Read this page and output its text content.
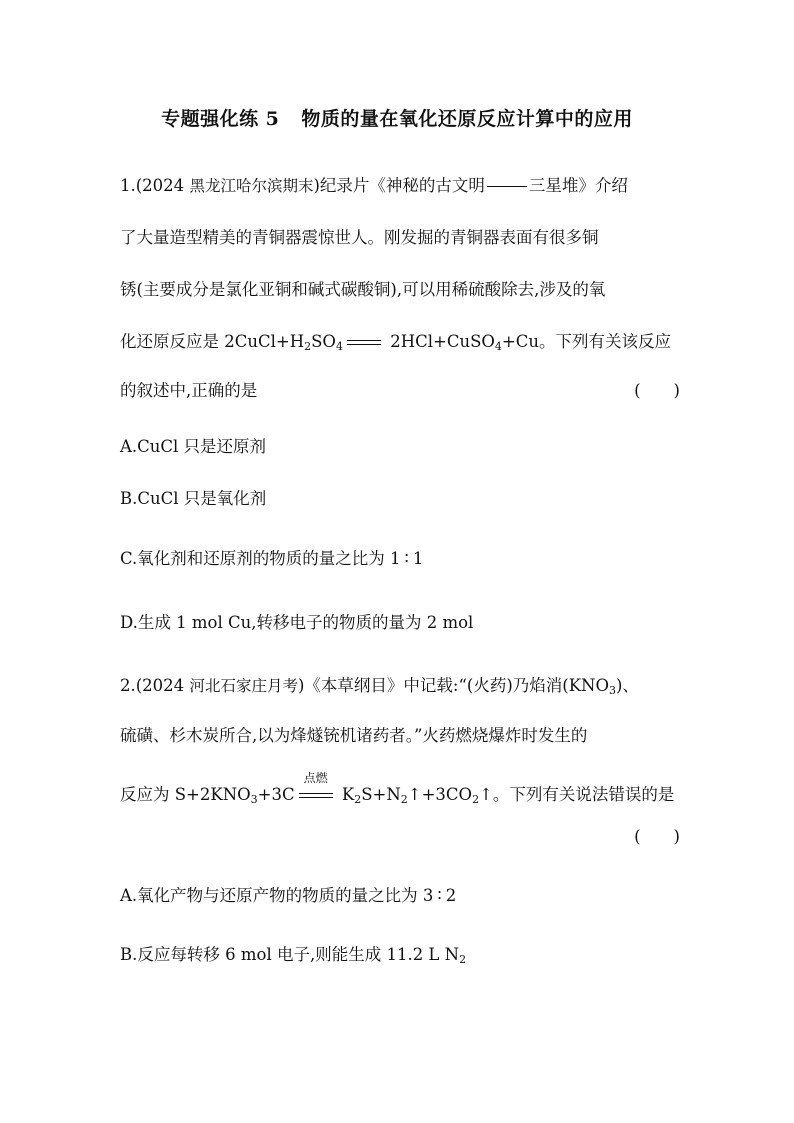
专题强化练 5 物质的量在氧化还原反应计算中的应用
1.(2024 黑龙江哈尔滨期末)纪录片《神秘的古文明	三星堆》介绍
了大量造型精美的青铜器震惊世人。刚发掘的青铜器表面有很多铜
锈(主要成分是氯化亚铜和碱式碳酸铜),可以用稀硫酸除去,涉及的氧
化还原反应是 $2CuCl+H_2SO_4$	2HCl+CuSO$_4$+Cu。下列有关该反应
的叙述中,正确的是	(　　)
A.CuCl 只是还原剂
B.CuCl 只是氧化剂
C.氧化剂和还原剂的物质的量之比为 1 ∶ 1
D.生成 1 mol Cu,转移电子的物质的量为 2 mol
2.(2024 河北石家庄月考)《本草纲目》中记载:“(火药)乃焰消$(KNO_3)$、
硫磺、杉木炭所合,以为烽燧铳机诸药者。”火药燃烧爆炸时发生的
反应为 $S+2KNO_3+3C$
点燃
$K_2S+N_2↑+3CO_2↑$。下列有关说法错误的是
(　　)
A.氧化产物与还原产物的物质的量之比为 3 ∶ 2
B.反应每转移 6 mol 电子,则能生成 11.2 L $N_2$
